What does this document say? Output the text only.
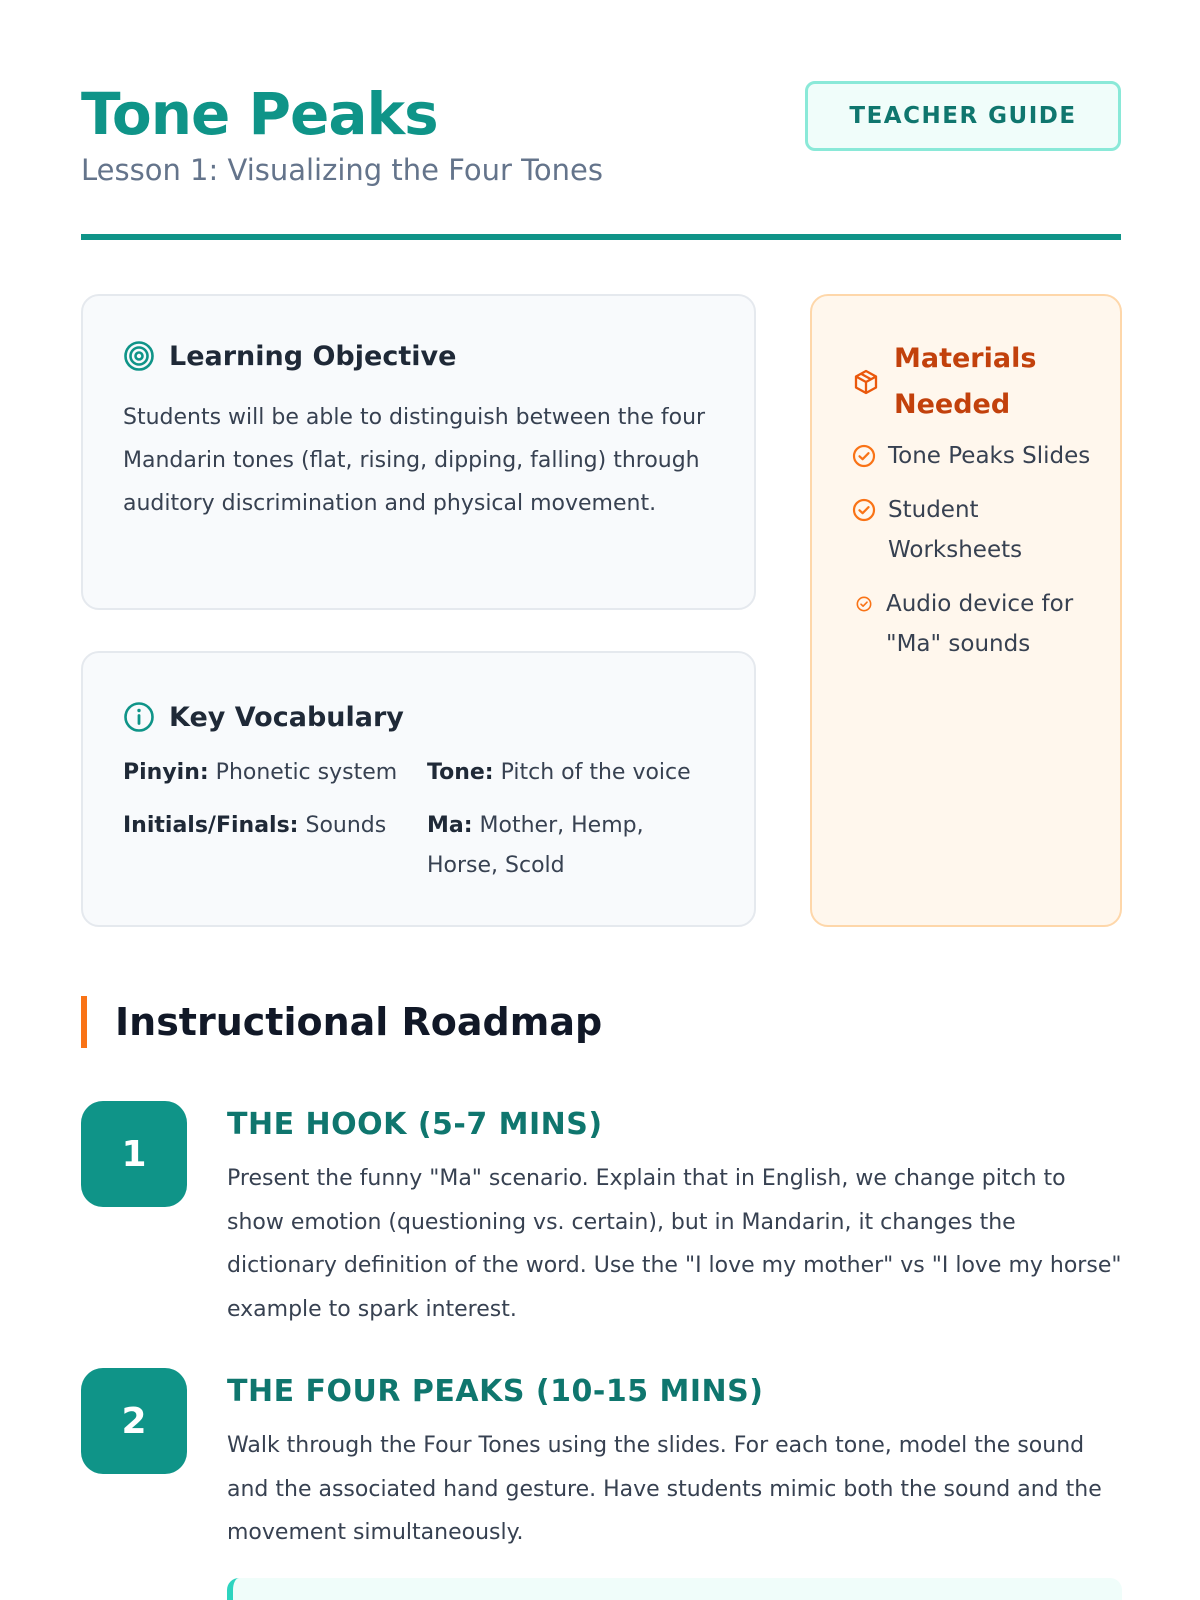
Tone Peaks
Lesson 1: Visualizing the Four Tones
TEACHER GUIDE
Learning Objective
Students will be able to distinguish between the four Mandarin tones (flat, rising, dipping, falling) through auditory discrimination and physical movement.
Key Vocabulary
Pinyin: Phonetic system	Tone: Pitch of the voice
Initials/Finals: Sounds	Ma: Mother, Hemp, Horse, Scold
Materials Needed
Tone Peaks Slides
Student Worksheets
Audio device for "Ma" sounds
Instructional Roadmap
1
THE HOOK (5-7 MINS)
Present the funny "Ma" scenario. Explain that in English, we change pitch to show emotion (questioning vs. certain), but in Mandarin, it changes the dictionary definition of the word. Use the "I love my mother" vs "I love my horse" example to spark interest.
2
THE FOUR PEAKS (10-15 MINS)
Walk through the Four Tones using the slides. For each tone, model the sound and the associated hand gesture. Have students mimic both the sound and the movement simultaneously.
